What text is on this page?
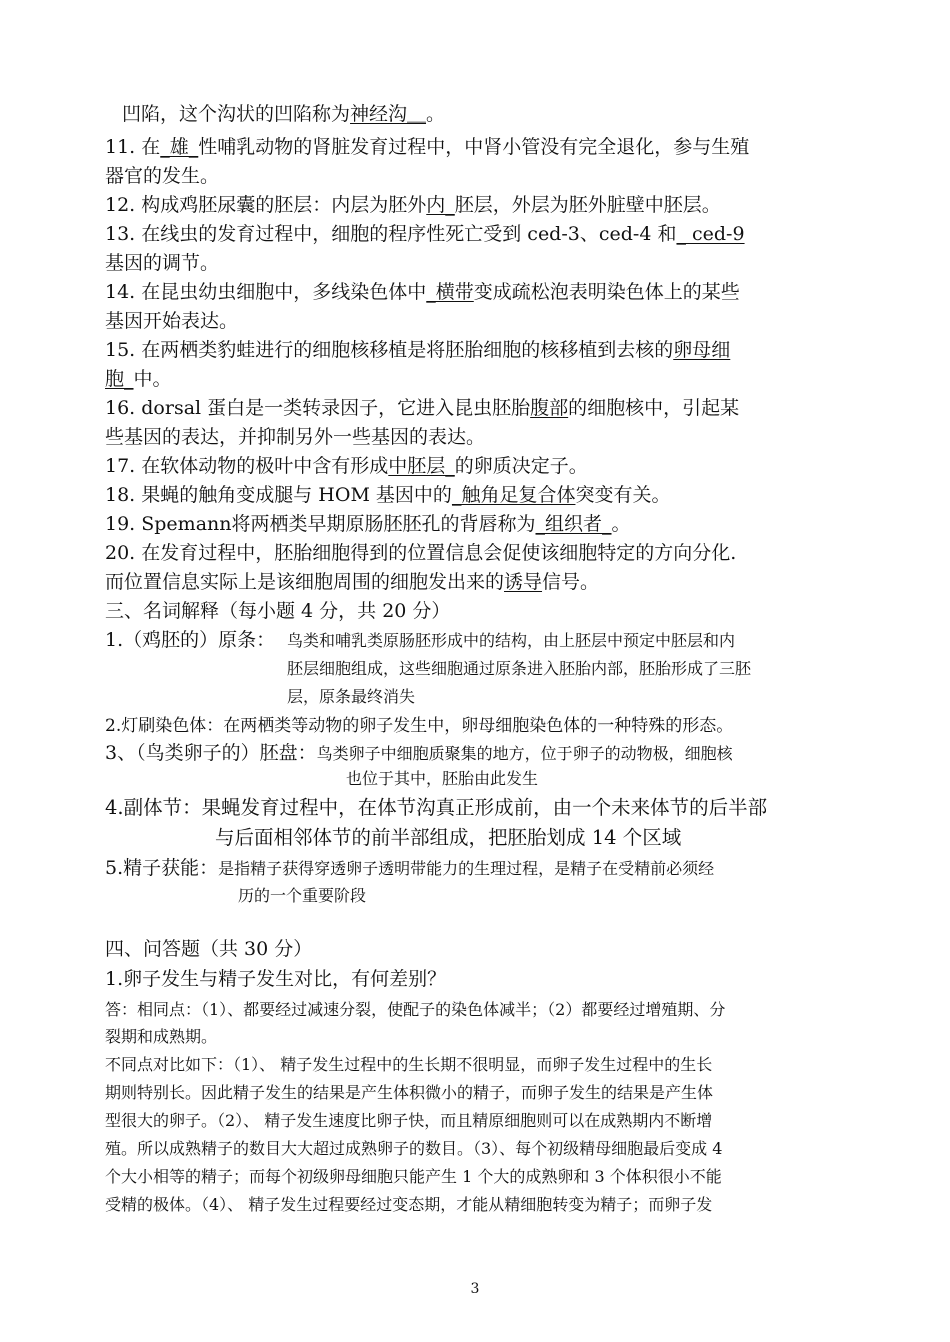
凹陷，这个沟状的凹陷称为神经沟＿。
11. 在_雄_性哺乳动物的肾脏发育过程中，中肾小管没有完全退化，参与生殖
器官的发生。
12. 构成鸡胚尿囊的胚层：内层为胚外内_胚层，外层为胚外脏壁中胚层。
13. 在线虫的发育过程中，细胞的程序性死亡受到 ced-3、ced-4 和_ ced-9
基因的调节。
14. 在昆虫幼虫细胞中，多线染色体中_横带变成疏松泡表明染色体上的某些
基因开始表达。
15. 在两栖类豹蛙进行的细胞核移植是将胚胎细胞的核移植到去核的卵母细
胞_中。
16. dorsal 蛋白是一类转录因子，它进入昆虫胚胎腹部的细胞核中，引起某
些基因的表达，并抑制另外一些基因的表达。
17. 在软体动物的极叶中含有形成中胚层_的卵质决定子。
18. 果蝇的触角变成腿与 HOM 基因中的_触角足复合体突变有关。
19. Spemann将两栖类早期原肠胚胚孔的背唇称为_组织者_。
20. 在发育过程中，胚胎细胞得到的位置信息会促使该细胞特定的方向分化.
而位置信息实际上是该细胞周围的细胞发出来的诱导信号。
三、名词解释（每小题 4 分，共 20 分）
1.（鸡胚的）原条： 鸟类和哺乳类原肠胚形成中的结构，由上胚层中预定中胚层和内
胚层细胞组成，这些细胞通过原条进入胚胎内部，胚胎形成了三胚
层，原条最终消失
2.灯刷染色体：在两栖类等动物的卵子发生中，卵母细胞染色体的一种特殊的形态。
3、（鸟类卵子的）胚盘：鸟类卵子中细胞质聚集的地方，位于卵子的动物极，细胞核
也位于其中，胚胎由此发生
4.副体节：果蝇发育过程中，在体节沟真正形成前，由一个未来体节的后半部
与后面相邻体节的前半部组成，把胚胎划成 14 个区域
5.精子获能：是指精子获得穿透卵子透明带能力的生理过程，是精子在受精前必须经
历的一个重要阶段
四、问答题（共 30 分）
1.卵子发生与精子发生对比，有何差别？
答：相同点：（1）、都要经过减速分裂，使配子的染色体减半；（2）都要经过增殖期、分
裂期和成熟期。
不同点对比如下：（1）、 精子发生过程中的生长期不很明显，而卵子发生过程中的生长
期则特别长。因此精子发生的结果是产生体积微小的精子，而卵子发生的结果是产生体
型很大的卵子。（2）、 精子发生速度比卵子快，而且精原细胞则可以在成熟期内不断增
殖。所以成熟精子的数目大大超过成熟卵子的数目。（3）、每个初级精母细胞最后变成 4
个大小相等的精子；而每个初级卵母细胞只能产生 1 个大的成熟卵和 3 个体积很小不能
受精的极体。（4）、 精子发生过程要经过变态期，才能从精细胞转变为精子；而卵子发
3
